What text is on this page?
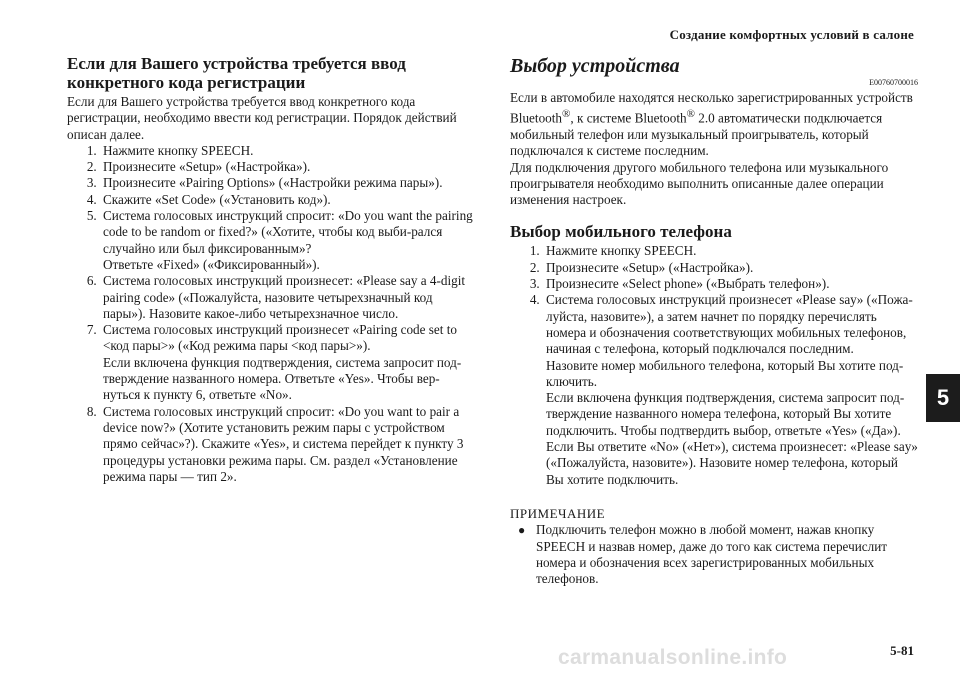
Создание комфортных условий в салоне
5
Если для Вашего устройства требуется ввод конкретного кода регистрации

Если для Вашего устройства требуется ввод конкретного кода регистрации, необходимо ввести код регистрации. Порядок действий описан далее.

1. Нажмите кнопку SPEECH.
2. Произнесите «Setup» («Настройка»).
3. Произнесите «Pairing Options» («Настройки режима пары»).
4. Скажите «Set Code» («Установить код»).
5. Система голосовых инструкций спросит: «Do you want the pairing code to be random or fixed?» («Хотите, чтобы код выби-рался случайно или был фиксированным»?
Ответьте «Fixed» («Фиксированный»).
6. Система голосовых инструкций произнесет: «Please say a 4-digit pairing code» («Пожалуйста, назовите четырехзначный код пары»). Назовите какое-либо четырехзначное число.
7. Система голосовых инструкций произнесет «Pairing code set to <код пары>» («Код режима пары <код пары>»).
Если включена функция подтверждения, система запросит под-тверждение названного номера. Ответьте «Yes». Чтобы вер-нуться к пункту 6, ответьте «No».
8. Система голосовых инструкций спросит: «Do you want to pair a device now?» (Хотите установить режим пары с устройством прямо сейчас»?). Скажите «Yes», и система перейдет к пункту 3 процедуры установки режима пары. См. раздел «Установление режима пары — тип 2».
Выбор устройства

E00760700016

Если в автомобиле находятся несколько зарегистрированных устройств Bluetooth®, к системе Bluetooth® 2.0 автоматически подключается мобильный телефон или музыкальный проигрыватель, который подключался к системе последним.

Для подключения другого мобильного телефона или музыкального проигрывателя необходимо выполнить описанные далее операции изменения настроек.

Выбор мобильного телефона
1. Нажмите кнопку SPEECH.
2. Произнесите «Setup» («Настройка»).
3. Произнесите «Select phone» («Выбрать телефон»).
4. Система голосовых инструкций произнесет «Please say» («Пожа-луйста, назовите»), а затем начнет по порядку перечислять номера и обозначения соответствующих мобильных телефонов, начиная с телефона, который подключался последним.
Назовите номер мобильного телефона, который Вы хотите под-ключить.
Если включена функция подтверждения, система запросит под-тверждение названного номера телефона, который Вы хотите подключить. Чтобы подтвердить выбор, ответьте «Yes» («Да»).
Если Вы ответите «No» («Нет»), система произнесет: «Please say» («Пожалуйста, назовите»). Назовите номер телефона, который Вы хотите подключить.

ПРИМЕЧАНИЕ

● Подключить телефон можно в любой момент, нажав кнопку SPEECH и назвав номер, даже до того как система перечислит номера и обозначения всех зарегистрированных мобильных телефонов.
5-81
carmanualsonline.info
